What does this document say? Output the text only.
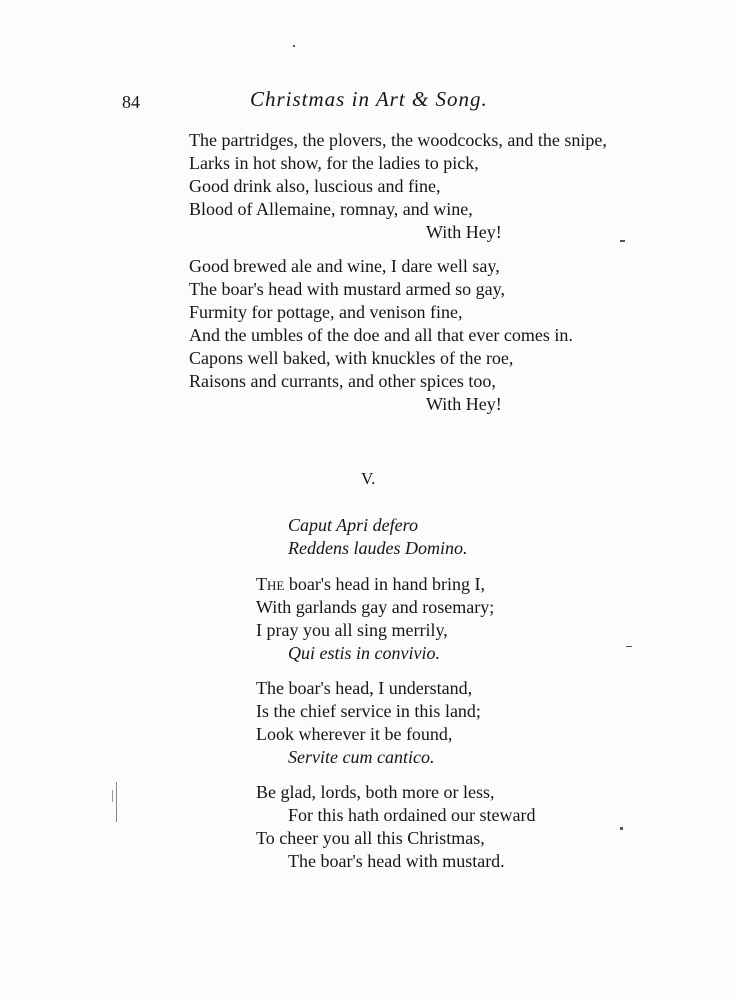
84	Christmas in Art & Song.
The partridges, the plovers, the woodcocks, and the snipe,
Larks in hot show, for the ladies to pick,
Good drink also, luscious and fine,
Blood of Allemaine, romnay, and wine,
With Hey!
Good brewed ale and wine, I dare well say,
The boar's head with mustard armed so gay,
Furmity for pottage, and venison fine,
And the umbles of the doe and all that ever comes in.
Capons well baked, with knuckles of the roe,
Raisons and currants, and other spices too,
With Hey!
V.
Caput Apri defero
Reddens laudes Domino.
The boar's head in hand bring I,
With garlands gay and rosemary;
I pray you all sing merrily,
Qui estis in convivio.
The boar's head, I understand,
Is the chief service in this land;
Look wherever it be found,
Servite cum cantico.
Be glad, lords, both more or less,
For this hath ordained our steward
To cheer you all this Christmas,
The boar's head with mustard.
